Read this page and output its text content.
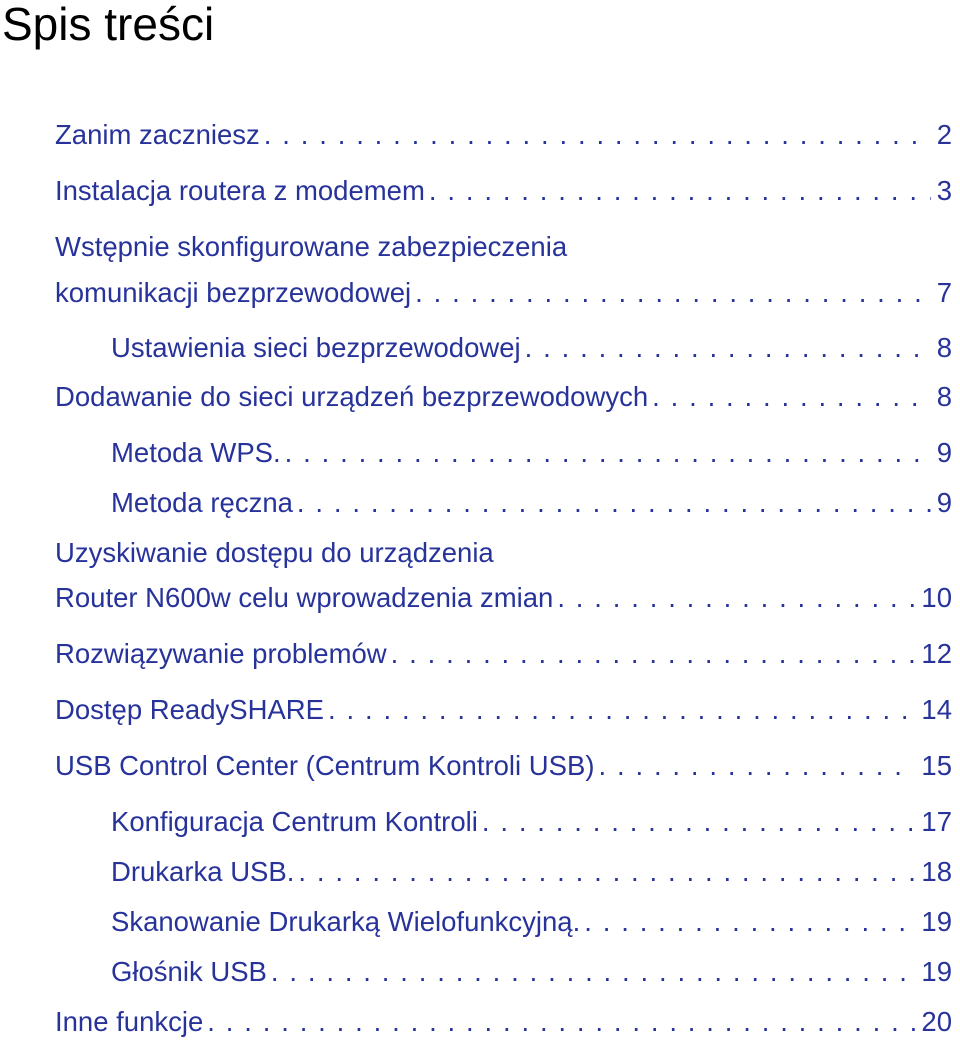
Spis treści
Zanim zaczniesz . . .	2
Instalacja routera z modemem . . .	3
Wstępnie skonfigurowane zabezpieczenia
komunikacji bezprzewodowej . . .	7
Ustawienia sieci bezprzewodowej . . .	8
Dodawanie do sieci urządzeń bezprzewodowych . . .	8
Metoda WPS. . . .	9
Metoda ręczna . . .	9
Uzyskiwanie dostępu do urządzenia
Router N600w celu wprowadzenia zmian . . .	10
Rozwiązywanie problemów . . .	12
Dostęp ReadySHARE . . .	14
USB Control Center (Centrum Kontroli USB) . . .	15
Konfiguracja Centrum Kontroli . . .	17
Drukarka USB. . . .	18
Skanowanie Drukarką Wielofunkcyjną. . . .	19
Głośnik USB . . .	19
Inne funkcje . . .	20
